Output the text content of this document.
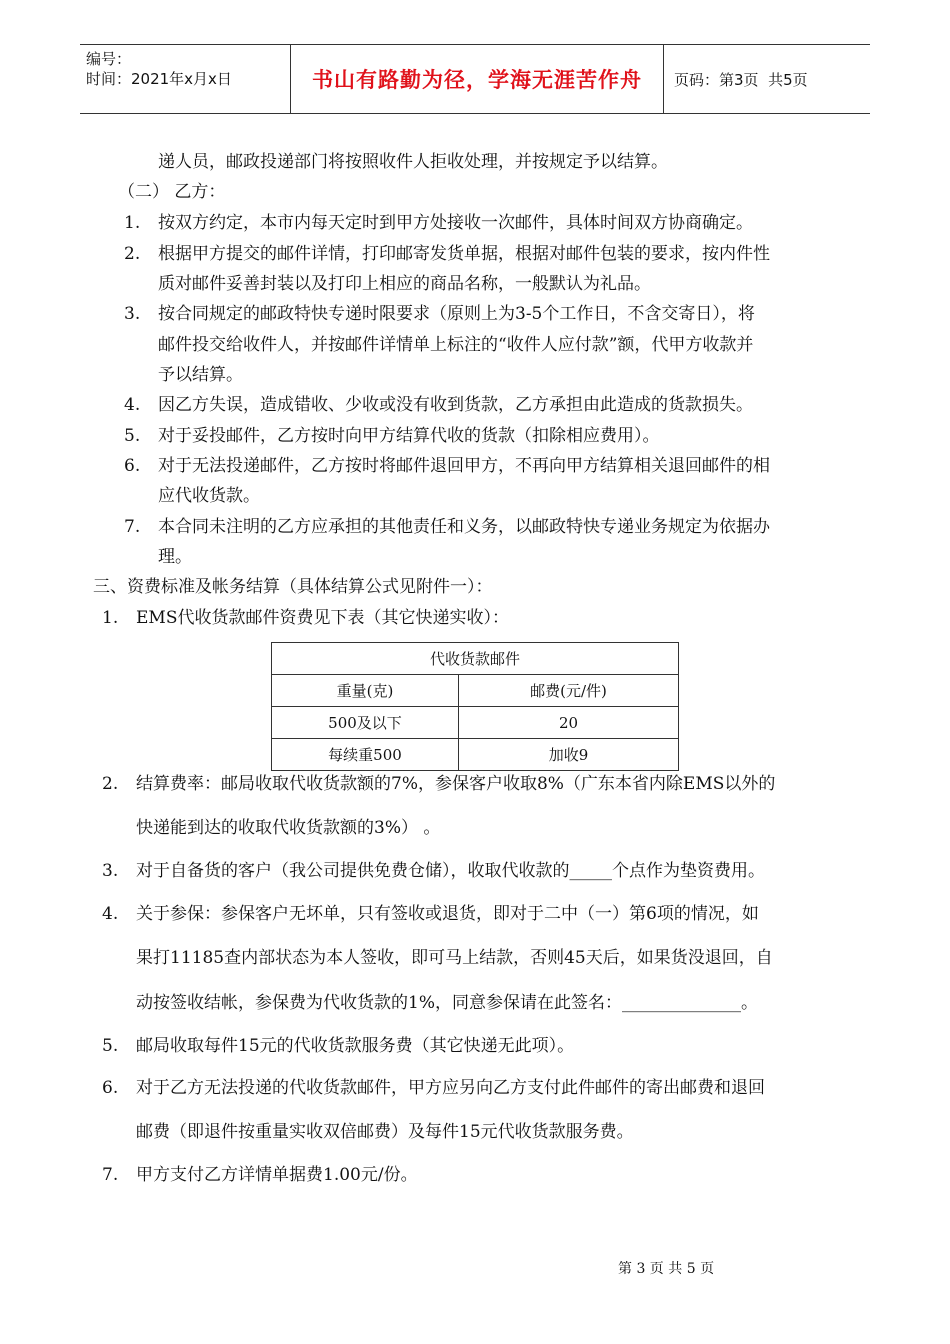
编号：
时间：2021年x月x日	书山有路勤为径，学海无涯苦作舟	页码：第3页  共5页
递人员，邮政投递部门将按照收件人拒收处理，并按规定予以结算。
（二） 乙方：
1. 按双方约定，本市内每天定时到甲方处接收一次邮件，具体时间双方协商确定。
2. 根据甲方提交的邮件详情，打印邮寄发货单据，根据对邮件包装的要求，按内件性
质对邮件妥善封装以及打印上相应的商品名称，一般默认为礼品。
3. 按合同规定的邮政特快专递时限要求（原则上为3-5个工作日，不含交寄日），将
邮件投交给收件人，并按邮件详情单上标注的“收件人应付款”额，代甲方收款并
予以结算。
4. 因乙方失误，造成错收、少收或没有收到货款，乙方承担由此造成的货款损失。
5. 对于妥投邮件，乙方按时向甲方结算代收的货款（扣除相应费用）。
6. 对于无法投递邮件，乙方按时将邮件退回甲方，不再向甲方结算相关退回邮件的相
应代收货款。
7. 本合同未注明的乙方应承担的其他责任和义务，以邮政特快专递业务规定为依据办
理。
三、资费标准及帐务结算（具体结算公式见附件一）：
1. EMS代收货款邮件资费见下表（其它快递实收）：
代收货款邮件	
重量(克)	邮费(元/件)
500及以下	20
每续重500	加收9
2. 结算费率：邮局收取代收货款额的7%，参保客户收取8%（广东本省内除EMS以外的
快递能到达的收取代收货款额的3%） 。
3. 对于自备货的客户（我公司提供免费仓储），收取代收款的_____个点作为垫资费用。
4. 关于参保：参保客户无坏单，只有签收或退货，即对于二中（一）第6项的情况，如
果打11185查内部状态为本人签收，即可马上结款，否则45天后，如果货没退回，自
动按签收结帐，参保费为代收货款的1%，同意参保请在此签名：______________。
5. 邮局收取每件15元的代收货款服务费（其它快递无此项）。
6. 对于乙方无法投递的代收货款邮件，甲方应另向乙方支付此件邮件的寄出邮费和退回
邮费（即退件按重量实收双倍邮费）及每件15元代收货款服务费。
7. 甲方支付乙方详情单据费1.00元/份。
第 3 页 共 5 页
